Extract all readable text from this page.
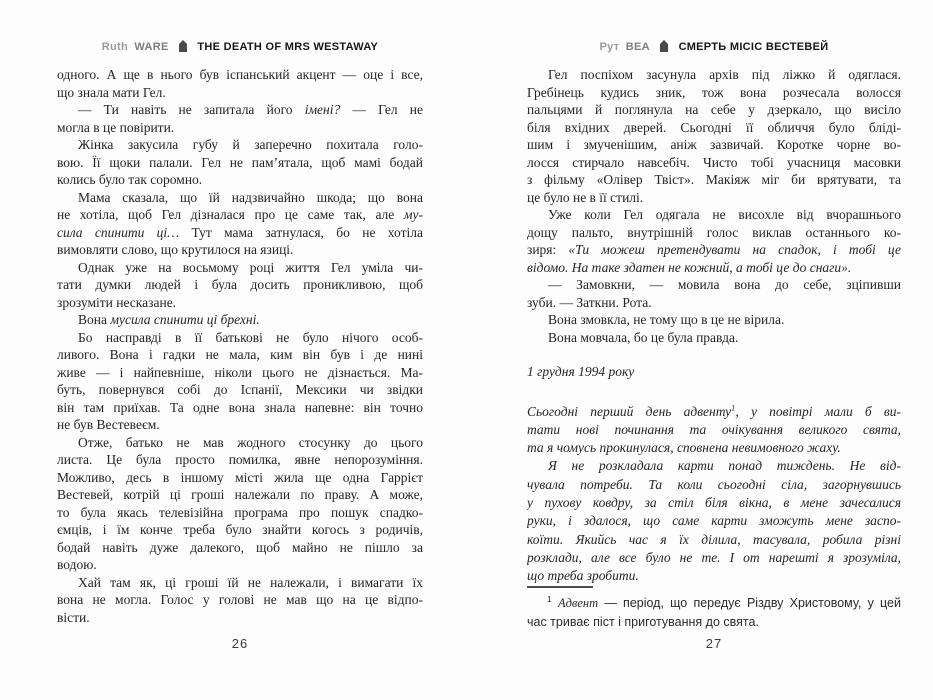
Ruth WARE	THE DEATH OF MRS WESTAWAY
одного. А ще в нього був іспанський акцент — оце і все,
що знала мати Гел.
— Ти навіть не запитала його імені? — Гел не
могла в це повірити.
Жінка закусила губу й заперечно похитала голо-
вою. Її щоки палали. Гел не пам’ятала, щоб мамі бодай
колись було так соромно.
Мама сказала, що їй надзвичайно шкода; що вона
не хотіла, щоб Гел дізналася про це саме так, але му-
сила спинити ці… Тут мама затнулася, бо не хотіла
вимовляти слово, що крутилося на язиці.
Однак уже на восьмому році життя Гел уміла чи-
тати думки людей і була досить проникливою, щоб
зрозуміти несказане.
Вона мусила спинити ці брехні.
Бо насправді в її батькові не було нічого особ-
ливого. Вона і гадки не мала, ким він був і де нині
живе — і найпевніше, ніколи цього не дізнається. Ма-
буть, повернувся собі до Іспанії, Мексики чи звідки
він там приїхав. Та одне вона знала напевне: він точно
не був Вестевеєм.
Отже, батько не мав жодного стосунку до цього
листа. Це була просто помилка, явне непорозуміння.
Можливо, десь в іншому місті жила ще одна Гаррієт
Вестевей, котрій ці гроші належали по праву. А може,
то була якась телевізійна програма про пошук спадко-
ємців, і їм конче треба було знайти когось з родичів,
бодай навіть дуже далекого, щоб майно не пішло за
водою.
Хай там як, ці гроші їй не належали, і вимагати їх
вона не могла. Голос у голові не мав що на це відпо-
вісти.
26
Рут ВЕА	СМЕРТЬ МІСІС ВЕСТЕВЕЙ
Гел поспіхом засунула архів під ліжко й одяглася.
Гребінець кудись зник, тож вона розчесала волосся
пальцями й поглянула на себе у дзеркало, що висіло
біля вхідних дверей. Сьогодні її обличчя було бліді-
шим і змученішим, аніж зазвичай. Коротке чорне во-
лосся стирчало навсебіч. Чисто тобі учасниця масовки
з фільму «Олівер Твіст». Макіяж міг би врятувати, та
це було не в її стилі.
Уже коли Гел одягала не висохле від вчорашнього
дощу пальто, внутрішній голос виклав останнього ко-
зиря: «Ти можеш претендувати на спадок, і тобі це
відомо. На таке здатен не кожний, а тобі це до снаги».
— Замовкни, — мовила вона до себе, зціпивши
зуби. — Заткни. Рота.
Вона змовкла, не тому що в це не вірила.
Вона мовчала, бо це була правда.
1 грудня 1994 року
Сьогодні перший день адвенту$^1$, у повітрі мали б ви-
тати нові починання та очікування великого свята,
та я чомусь прокинулася, сповнена невимовного жаху.
Я не розкладала карти понад тиждень. Не від-
чувала потреби. Та коли сьогодні сіла, загорнувшись
у пухову ковдру, за стіл біля вікна, в мене зачесалися
руки, і здалося, що саме карти зможуть мене заспо-
коїти. Якийсь час я їх ділила, тасувала, робила різні
розклади, але все було не те. І от нарешті я зрозуміла,
що треба зробити.
$^1$ Адвент — період, що передує Різдву Христовому, у цей
час триває піст і приготування до свята.
27
